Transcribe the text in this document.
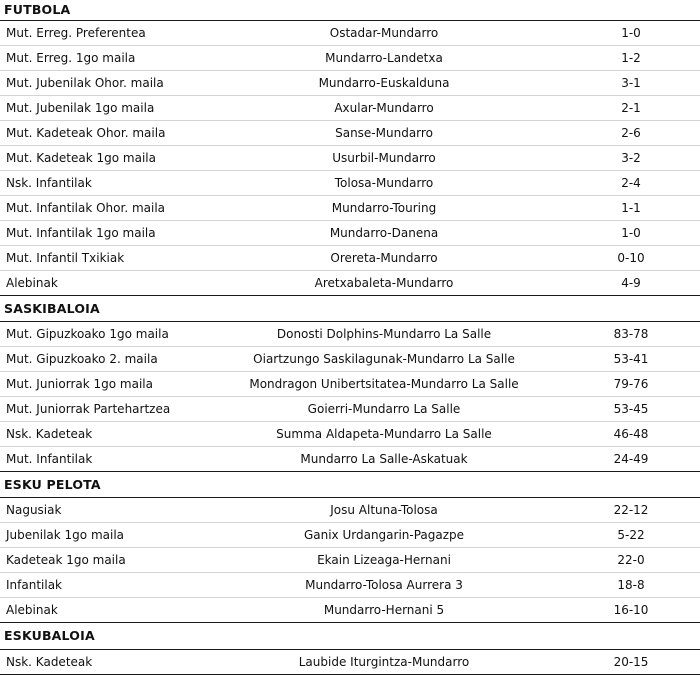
FUTBOLA
Mut. Erreg. Preferentea	Ostadar-Mundarro	1-0
Mut. Erreg. 1go maila	Mundarro-Landetxa	1-2
Mut. Jubenilak Ohor. maila	Mundarro-Euskalduna	3-1
Mut. Jubenilak 1go maila	Axular-Mundarro	2-1
Mut. Kadeteak Ohor. maila	Sanse-Mundarro	2-6
Mut. Kadeteak 1go maila	Usurbil-Mundarro	3-2
Nsk. Infantilak	Tolosa-Mundarro	2-4
Mut. Infantilak Ohor. maila	Mundarro-Touring	1-1
Mut. Infantilak 1go maila	Mundarro-Danena	1-0
Mut. Infantil Txikiak	Orereta-Mundarro	0-10
Alebinak	Aretxabaleta-Mundarro	4-9
SASKIBALOIA
Mut. Gipuzkoako 1go maila	Donosti Dolphins-Mundarro La Salle	83-78
Mut. Gipuzkoako 2. maila	Oiartzungo Saskilagunak-Mundarro La Salle	53-41
Mut. Juniorrak 1go maila	Mondragon Unibertsitatea-Mundarro La Salle	79-76
Mut. Juniorrak Partehartzea	Goierri-Mundarro La Salle	53-45
Nsk. Kadeteak	Summa Aldapeta-Mundarro La Salle	46-48
Mut. Infantilak	Mundarro La Salle-Askatuak	24-49
ESKU PELOTA
Nagusiak	Josu Altuna-Tolosa	22-12
Jubenilak 1go maila	Ganix Urdangarin-Pagazpe	5-22
Kadeteak 1go maila	Ekain Lizeaga-Hernani	22-0
Infantilak	Mundarro-Tolosa Aurrera 3	18-8
Alebinak	Mundarro-Hernani 5	16-10
ESKUBALOIA
Nsk. Kadeteak	Laubide Iturgintza-Mundarro	20-15
